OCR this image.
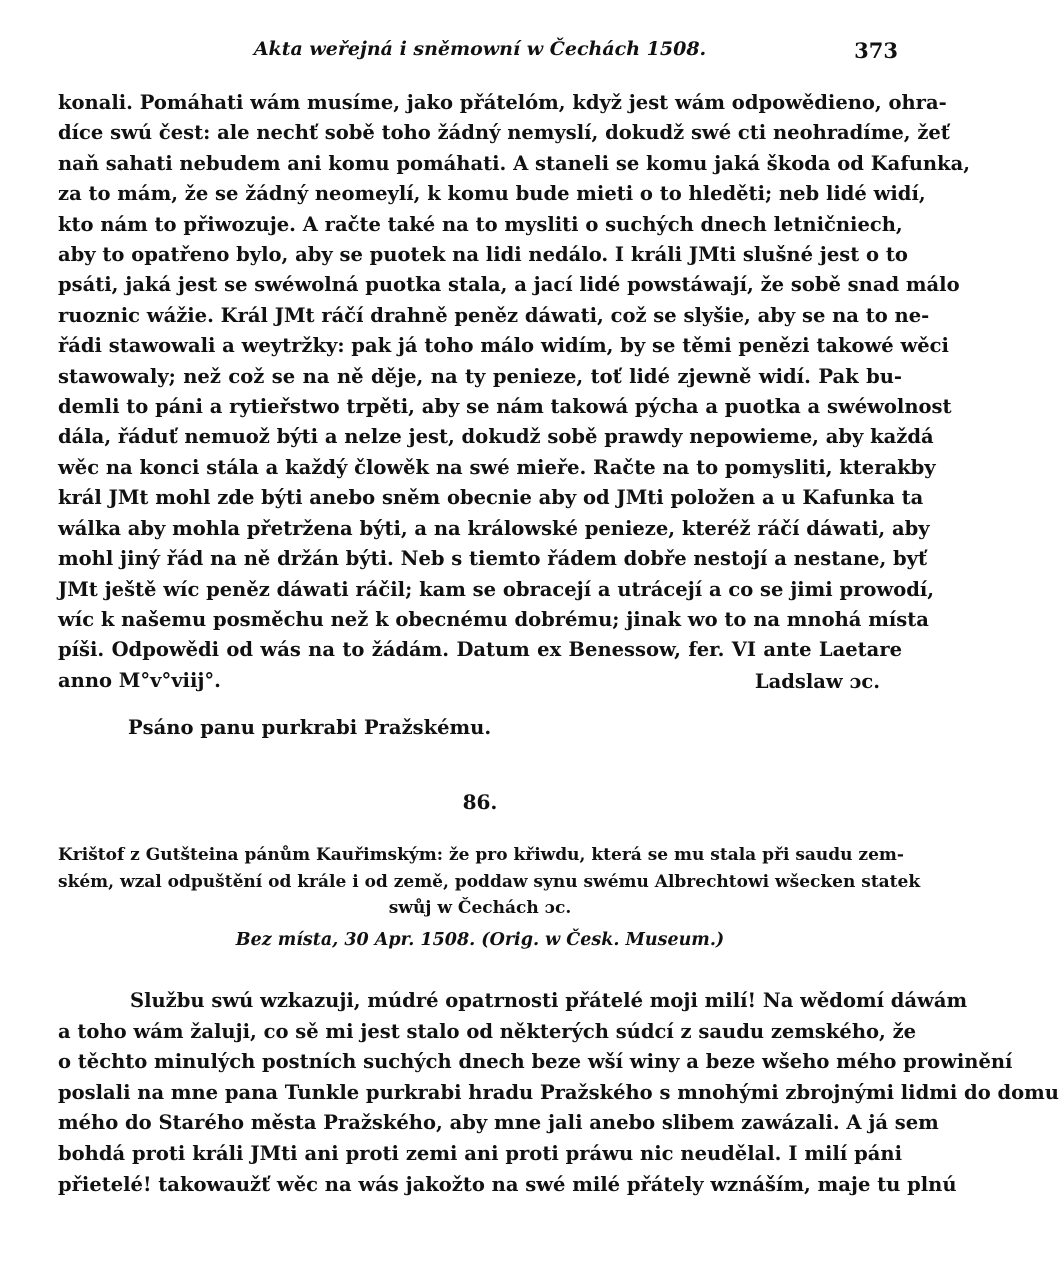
Akta weřejná i sněmowní w Čechách 1508.	373
konali. Pomáhati wám musíme, jako přátelóm, když jest wám odpowědieno, ohra-
díce swú čest: ale nechť sobě toho žádný nemyslí, dokudž swé cti neohradíme, žeť
naň sahati nebudem ani komu pomáhati. A staneli se komu jaká škoda od Kafunka,
za to mám, že se žádný neomeylí, k komu bude mieti o to hleděti; neb lidé widí,
kto nám to přiwozuje. A račte také na to mysliti o suchých dnech letničniech,
aby to opatřeno bylo, aby se puotek na lidi nedálo. I králi JMti slušné jest o to
psáti, jaká jest se swéwolná puotka stala, a jací lidé powstáwají, že sobě snad málo
ruoznic wážie. Král JMt ráčí drahně peněz dáwati, což se slyšie, aby se na to ne-
řádi stawowali a weytržky: pak já toho málo widím, by se těmi penězi takowé wěci
stawowaly; než což se na ně děje, na ty penieze, toť lidé zjewně widí. Pak bu-
demli to páni a rytieřstwo trpěti, aby se nám takowá pýcha a puotka a swéwolnost
dála, řáduť nemuož býti a nelze jest, dokudž sobě prawdy nepowieme, aby každá
wěc na konci stála a každý člowěk na swé mieře. Račte na to pomysliti, kterakby
král JMt mohl zde býti anebo sněm obecnie aby od JMti položen a u Kafunka ta
wálka aby mohla přetržena býti, a na králowské penieze, kteréž ráčí dáwati, aby
mohl jiný řád na ně držán býti. Neb s tiemto řádem dobře nestojí a nestane, byť
JMt ještě wíc peněz dáwati ráčil; kam se obracejí a utrácejí a co se jimi prowodí,
wíc k našemu posměchu než k obecnému dobrému; jinak wo to na mnohá místa
píši. Odpowědi od wás na to žádám. Datum ex Benessow, fer. VI ante Laetare
anno M°v°viij°.	Ladslaw ɔc.
Psáno panu purkrabi Pražskému.
86.
Krištof z Gutšteina pánům Kauřimským: že pro křiwdu, která se mu stala při saudu zem-
ském, wzal odpuštění od krále i od země, poddaw synu swému Albrechtowi wšecken statek
swůj w Čechách ɔc.
Bez místa, 30 Apr. 1508. (Orig. w Česk. Museum.)
Službu swú wzkazuji, múdré opatrnosti přátelé moji milí! Na wědomí dáwám
a toho wám žaluji, co sě mi jest stalo od některých súdcí z saudu zemského, že
o těchto minulých postních suchých dnech beze wší winy a beze wšeho mého prowinění
poslali na mne pana Tunkle purkrabi hradu Pražského s mnohými zbrojnými lidmi do domu
mého do Starého města Pražského, aby mne jali anebo slibem zawázali. A já sem
bohdá proti králi JMti ani proti zemi ani proti práwu nic neudělal. I milí páni
přietelé! takowaužť wěc na wás jakožto na swé milé přátely wznáším, maje tu plnú
